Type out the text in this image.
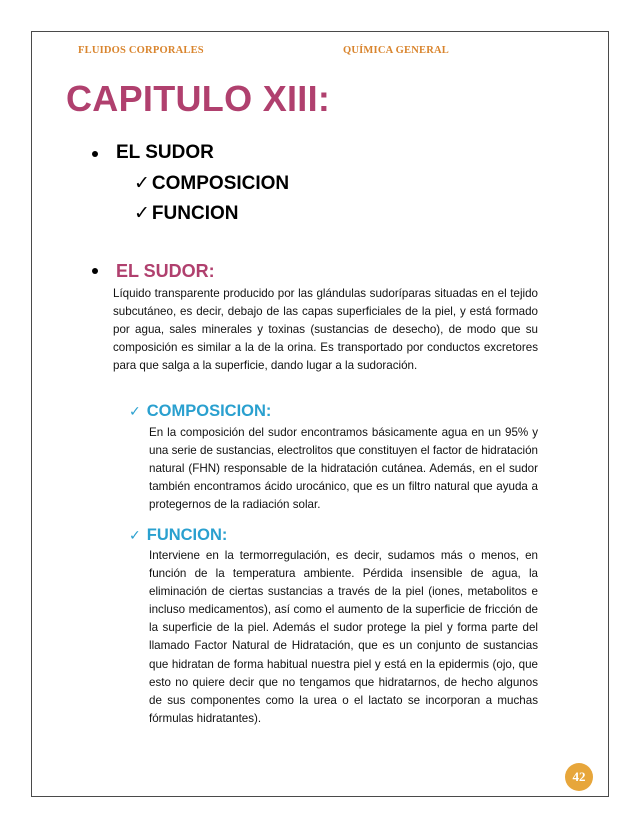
FLUIDOS CORPORALES	QUÍMICA GENERAL
CAPITULO XIII:
EL SUDOR
✓ COMPOSICION
✓ FUNCION
EL SUDOR:

Líquido transparente producido por las glándulas sudoríparas situadas en el tejido subcutáneo, es decir, debajo de las capas superficiales de la piel, y está formado por agua, sales minerales y toxinas (sustancias de desecho), de modo que su composición es similar a la de la orina. Es transportado por conductos excretores para que salga a la superficie, dando lugar a la sudoración.

✓ COMPOSICION:

En la composición del sudor encontramos básicamente agua en un 95% y una serie de sustancias, electrolitos que constituyen el factor de hidratación natural (FHN) responsable de la hidratación cutánea. Además, en el sudor también encontramos ácido urocánico, que es un filtro natural que ayuda a protegernos de la radiación solar.

✓ FUNCION:

Interviene en la termorregulación, es decir, sudamos más o menos, en función de la temperatura ambiente. Pérdida insensible de agua, la eliminación de ciertas sustancias a través de la piel (iones, metabolitos e incluso medicamentos), así como el aumento de la superficie de fricción de la superficie de la piel. Además el sudor protege la piel y forma parte del llamado Factor Natural de Hidratación, que es un conjunto de sustancias que hidratan de forma habitual nuestra piel y está en la epidermis (ojo, que esto no quiere decir que no tengamos que hidratarnos, de hecho algunos de sus componentes como la urea o el lactato se incorporan a muchas fórmulas hidratantes).

42
